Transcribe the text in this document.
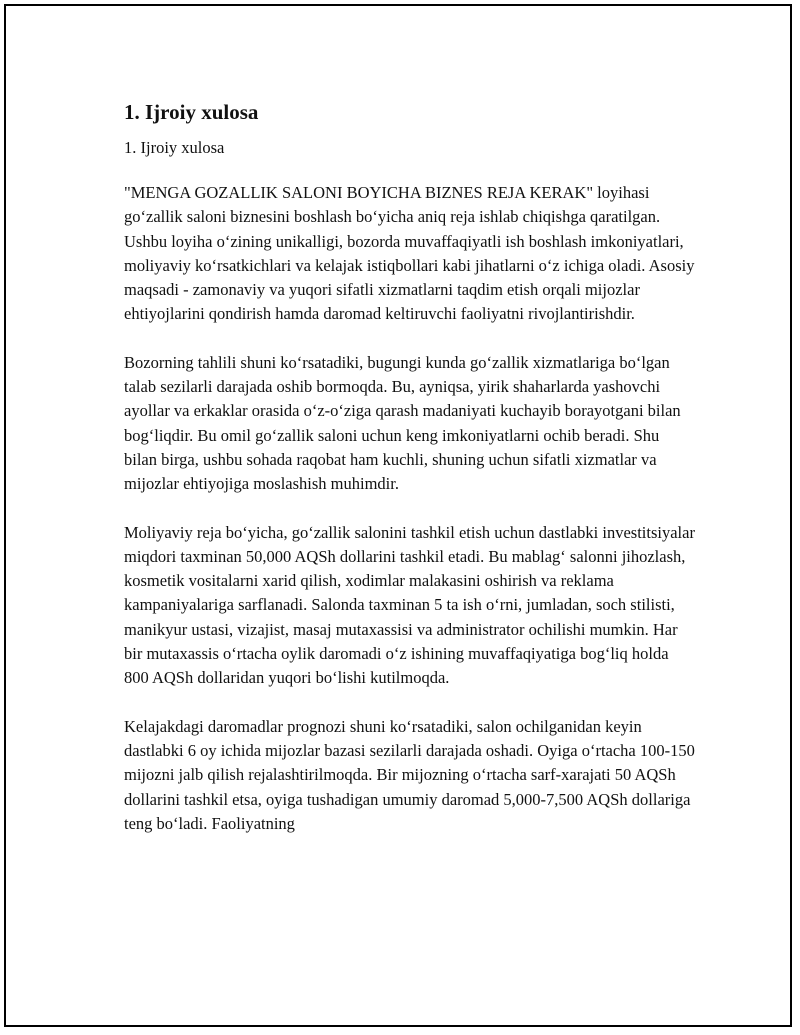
1. Ijroiy xulosa

1. Ijroiy xulosa

"MENGA GOZALLIK SALONI BOYICHA BIZNES REJA KERAK" loyihasi go‘zallik saloni biznesini boshlash bo‘yicha aniq reja ishlab chiqishga qaratilgan. Ushbu loyiha o‘zining unikalligi, bozorda muvaffaqiyatli ish boshlash imkoniyatlari, moliyaviy ko‘rsatkichlari va kelajak istiqbollari kabi jihatlarni o‘z ichiga oladi. Asosiy maqsadi - zamonaviy va yuqori sifatli xizmatlarni taqdim etish orqali mijozlar ehtiyojlarini qondirish hamda daromad keltiruvchi faoliyatni rivojlantirishdir.

Bozorning tahlili shuni ko‘rsatadiki, bugungi kunda go‘zallik xizmatlariga bo‘lgan talab sezilarli darajada oshib bormoqda. Bu, ayniqsa, yirik shaharlarda yashovchi ayollar va erkaklar orasida o‘z-o‘ziga qarash madaniyati kuchayib borayotgani bilan bog‘liqdir. Bu omil go‘zallik saloni uchun keng imkoniyatlarni ochib beradi. Shu bilan birga, ushbu sohada raqobat ham kuchli, shuning uchun sifatli xizmatlar va mijozlar ehtiyojiga moslashish muhimdir.

Moliyaviy reja bo‘yicha, go‘zallik salonini tashkil etish uchun dastlabki investitsiyalar miqdori taxminan 50,000 AQSh dollarini tashkil etadi. Bu mablag‘ salonni jihozlash, kosmetik vositalarni xarid qilish, xodimlar malakasini oshirish va reklama kampaniyalariga sarflanadi. Salonda taxminan 5 ta ish o‘rni, jumladan, soch stilisti, manikyur ustasi, vizajist, masaj mutaxassisi va administrator ochilishi mumkin. Har bir mutaxassis o‘rtacha oylik daromadi o‘z ishining muvaffaqiyatiga bog‘liq holda 800 AQSh dollaridan yuqori bo‘lishi kutilmoqda.

Kelajakdagi daromadlar prognozi shuni ko‘rsatadiki, salon ochilganidan keyin dastlabki 6 oy ichida mijozlar bazasi sezilarli darajada oshadi. Oyiga o‘rtacha 100-150 mijozni jalb qilish rejalashtirilmoqda. Bir mijozning o‘rtacha sarf-xarajati 50 AQSh dollarini tashkil etsa, oyiga tushadigan umumiy daromad 5,000-7,500 AQSh dollariga teng bo‘ladi. Faoliyatning
